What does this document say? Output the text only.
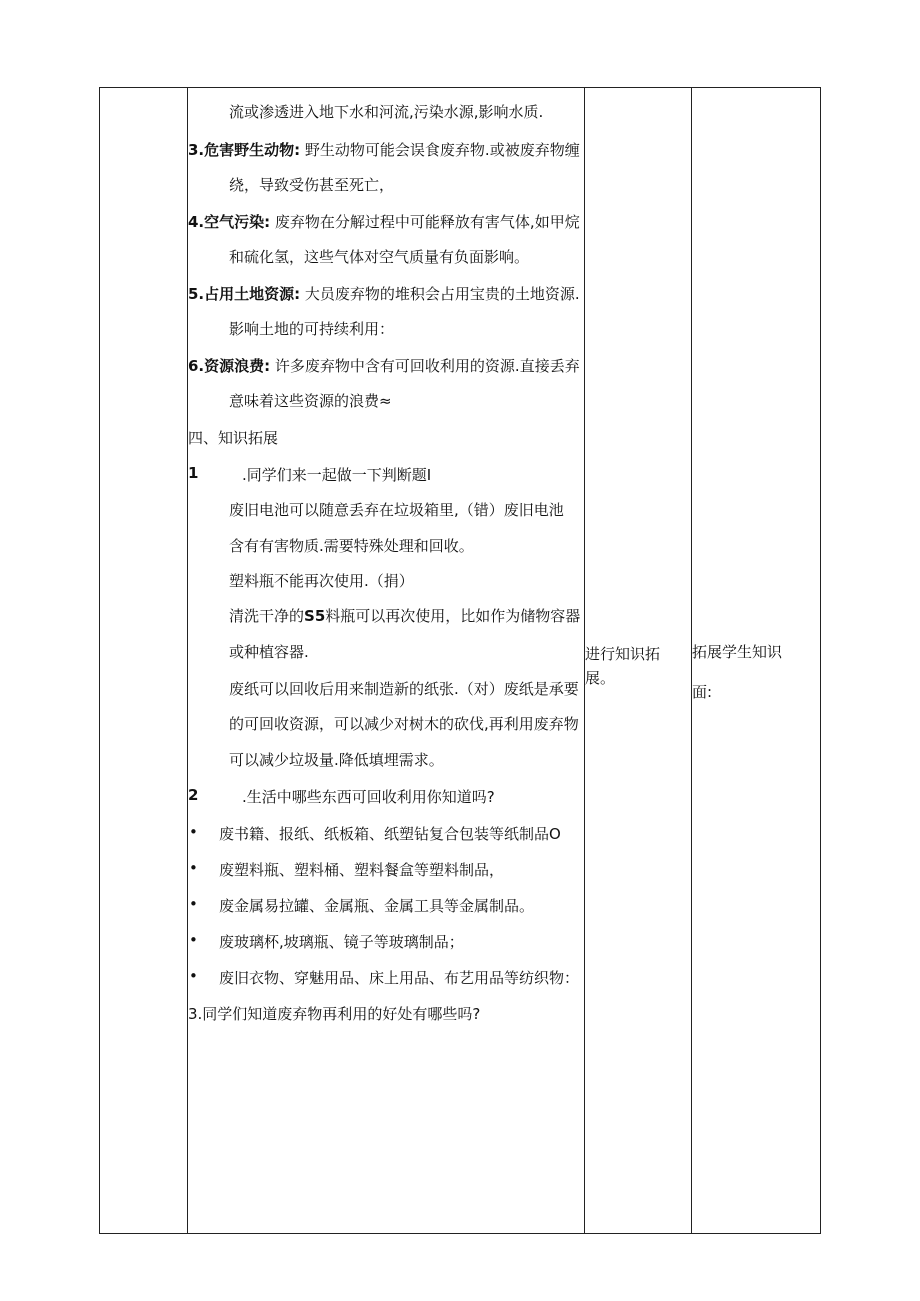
流或渗透进入地下水和河流,污染水源,影响水质.
3.危害野生动物: 野生动物可能会误食废弃物.或被废弃物缠
绕，导致受伤甚至死亡，
4.空气污染: 废弃物在分解过程中可能释放有害气体,如甲烷
和硫化氢，这些气体对空气质量有负面影响。
5.占用土地资源: 大员废弃物的堆积会占用宝贵的土地资源.
影响土地的可持续利用：
6.资源浪费: 许多废弃物中含有可回收利用的资源.直接丢弃
意味着这些资源的浪费≈
四、知识拓展
1	.同学们来一起做一下判断题I
废旧电池可以随意丢弃在垃圾箱里,（错）废旧电池
含有有害物质.需要特殊处理和回收。
塑料瓶不能再次使用.（捐）
清洗干净的S5料瓶可以再次使用，比如作为储物容器
或种植容器.
废纸可以回收后用来制造新的纸张.（对）废纸是承要
的可回收资源，可以减少对树木的砍伐,再利用废弃物
可以减少垃圾量.降低填埋需求。
2	.生活中哪些东西可回收利用你知道吗?
• 废书籍、报纸、纸板箱、纸塑钻复合包装等纸制品O
• 废塑料瓶、塑料桶、塑料餐盒等塑料制品，
• 废金属易拉罐、金属瓶、金属工具等金属制品。
• 废玻璃杯,坡璃瓶、镜子等玻璃制品；
• 废旧衣物、穿魅用品、床上用品、布艺用品等纺织物：
3.同学们知道废弃物再利用的好处有哪些吗?
进行知识拓
展。
拓展学生知识
面:
